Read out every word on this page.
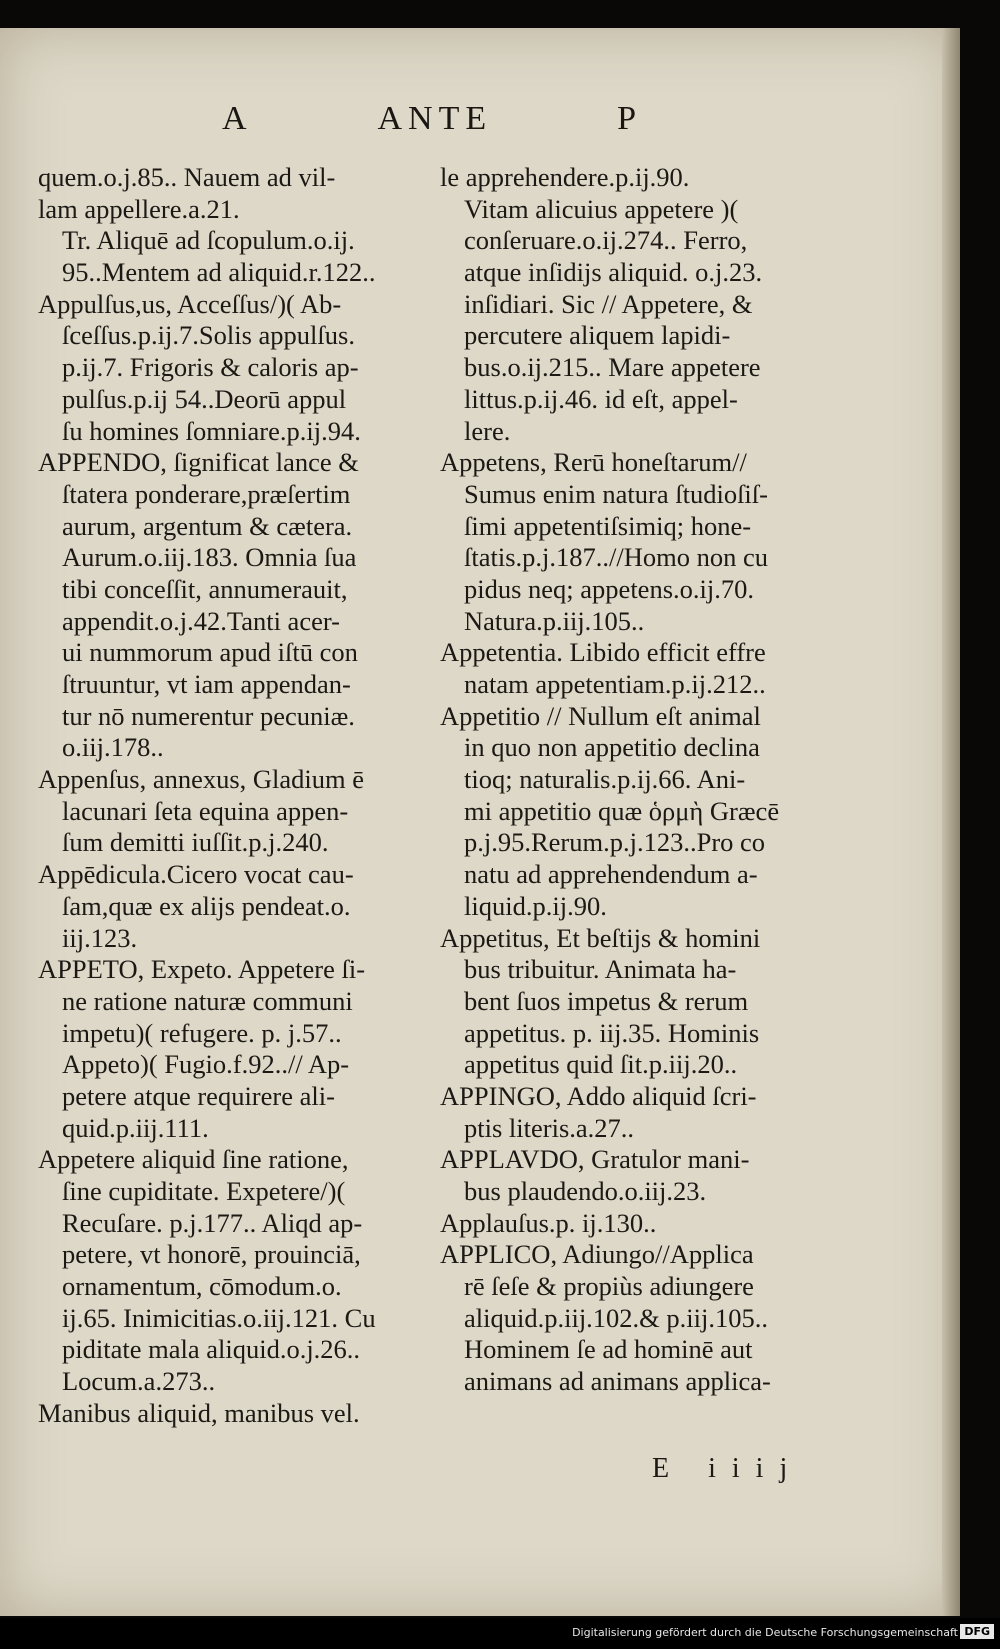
A	ANTE	P
quem.o.j.85.. Nauem ad vil-
lam appellere.a.21.
Tr. Aliquē ad ſcopulum.o.ij.
95..Mentem ad aliquid.r.122..
Appulſus,us, Acceſſus/)( Ab-
ſceſſus.p.ij.7.Solis appulſus.
p.ij.7. Frigoris & caloris ap-
pulſus.p.ij 54..Deorū appul
ſu homines ſomniare.p.ij.94.
APPENDO, ſignificat lance &
ſtatera ponderare,præſertim
aurum, argentum & cætera.
Aurum.o.iij.183. Omnia ſua
tibi conceſſit, annumerauit,
appendit.o.j.42.Tanti acer-
ui nummorum apud iſtū con
ſtruuntur, vt iam appendan-
tur nō numerentur pecuniæ.
o.iij.178..
Appenſus, annexus, Gladium ē
lacunari ſeta equina appen-
ſum demitti iuſſit.p.j.240.
Appēdicula.Cicero vocat cau-
ſam,quæ ex alijs pendeat.o.
iij.123.
APPETO, Expeto. Appetere ſi-
ne ratione naturæ communi
impetu)( refugere. p. j.57..
Appeto)( Fugio.f.92..// Ap-
petere atque requirere ali-
quid.p.iij.111.
Appetere aliquid ſine ratione,
ſine cupiditate. Expetere/)(
Recuſare. p.j.177.. Aliqd ap-
petere, vt honorē, prouinciā,
ornamentum, cōmodum.o.
ij.65. Inimicitias.o.iij.121. Cu
piditate mala aliquid.o.j.26..
Locum.a.273..
Manibus aliquid, manibus vel.
le apprehendere.p.ij.90.
Vitam alicuius appetere )(
conſeruare.o.ij.274.. Ferro,
atque inſidijs aliquid. o.j.23.
inſidiari. Sic // Appetere, &
percutere aliquem lapidi-
bus.o.ij.215.. Mare appetere
littus.p.ij.46. id eſt, appel-
lere.
Appetens, Rerū honeſtarum//
Sumus enim natura ſtudioſiſ-
ſimi appetentiſsimiq; hone-
ſtatis.p.j.187..//Homo non cu
pidus neq; appetens.o.ij.70.
Natura.p.iij.105..
Appetentia. Libido efficit effre
natam appetentiam.p.ij.212..
Appetitio // Nullum eſt animal
in quo non appetitio declina
tioq; naturalis.p.ij.66. Ani-
mi appetitio quæ ὁρμὴ Græcē
p.j.95.Rerum.p.j.123..Pro co
natu ad apprehendendum a-
liquid.p.ij.90.
Appetitus, Et beſtijs & homini
bus tribuitur. Animata ha-
bent ſuos impetus & rerum
appetitus. p. iij.35. Hominis
appetitus quid ſit.p.iij.20..
APPINGO, Addo aliquid ſcri-
ptis literis.a.27..
APPLAVDO, Gratulor mani-
bus plaudendo.o.iij.23.
Applauſus.p. ij.130..
APPLICO, Adiungo//Applica
rē ſeſe & propiùs adiungere
aliquid.p.iij.102.& p.iij.105..
Hominem ſe ad hominē aut
animans ad animans applica-
E iiij
Digitalisierung gefördert durch die Deutsche Forschungsgemeinschaft DFG
